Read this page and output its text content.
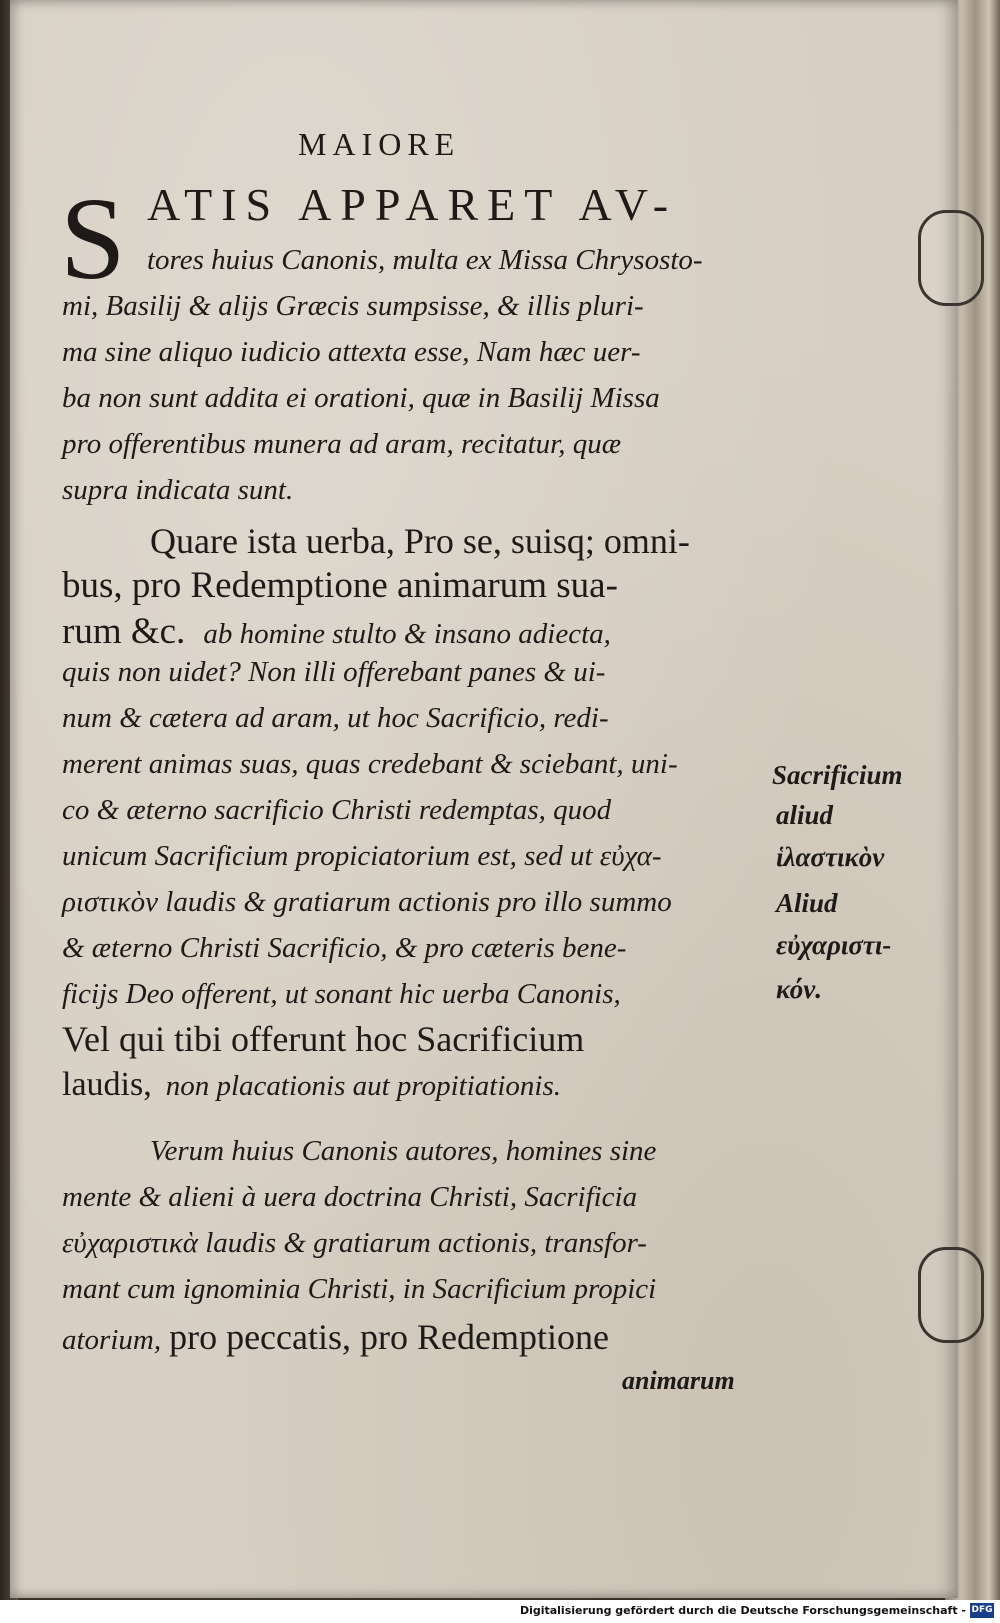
MAIORE
S ATIS APPARET AV-
tores huius Canonis, multa ex Missa Chrysosto-
mi, Basilij & alijs Græcis sumpsisse, & illis pluri-
ma sine aliquo iudicio attexta esse, Nam hæc uer-
ba non sunt addita ei orationi, quæ in Basilij Missa
pro offerentibus munera ad aram, recitatur, quæ
supra indicata sunt.
Quare ista uerba, Pro se, suisq; omni-
bus, pro Redemptione animarum sua-
rum &c. ab homine stulto & insano adiecta,
quis non uidet? Non illi offerebant panes & ui-
num & cætera ad aram, ut hoc Sacrificio, redi-
merent animas suas, quas credebant & sciebant, uni-
co & æterno sacrificio Christi redemptas, quod
unicum Sacrificium propiciatorium est, sed ut εὐχα-
ριστικὸν laudis & gratiarum actionis pro illo summo
& æterno Christi Sacrificio, & pro cæteris bene-
ficijs Deo offerent, ut sonant hic uerba Canonis,
Vel qui tibi offerunt hoc Sacrificium
laudis, non placationis aut propitiationis.
Verum huius Canonis autores, homines sine
mente & alieni à uera doctrina Christi, Sacrificia
εὐχαριστικὰ laudis & gratiarum actionis, transfor-
mant cum ignominia Christi, in Sacrificium propici
atorium, pro peccatis, pro Redemptione
animarum
Sacrificium
aliud
ἱλαστικὸν
Aliud
εὐχαριστι-
κόν.
Digitalisierung gefördert durch die Deutsche Forschungsgemeinschaft - DFG
